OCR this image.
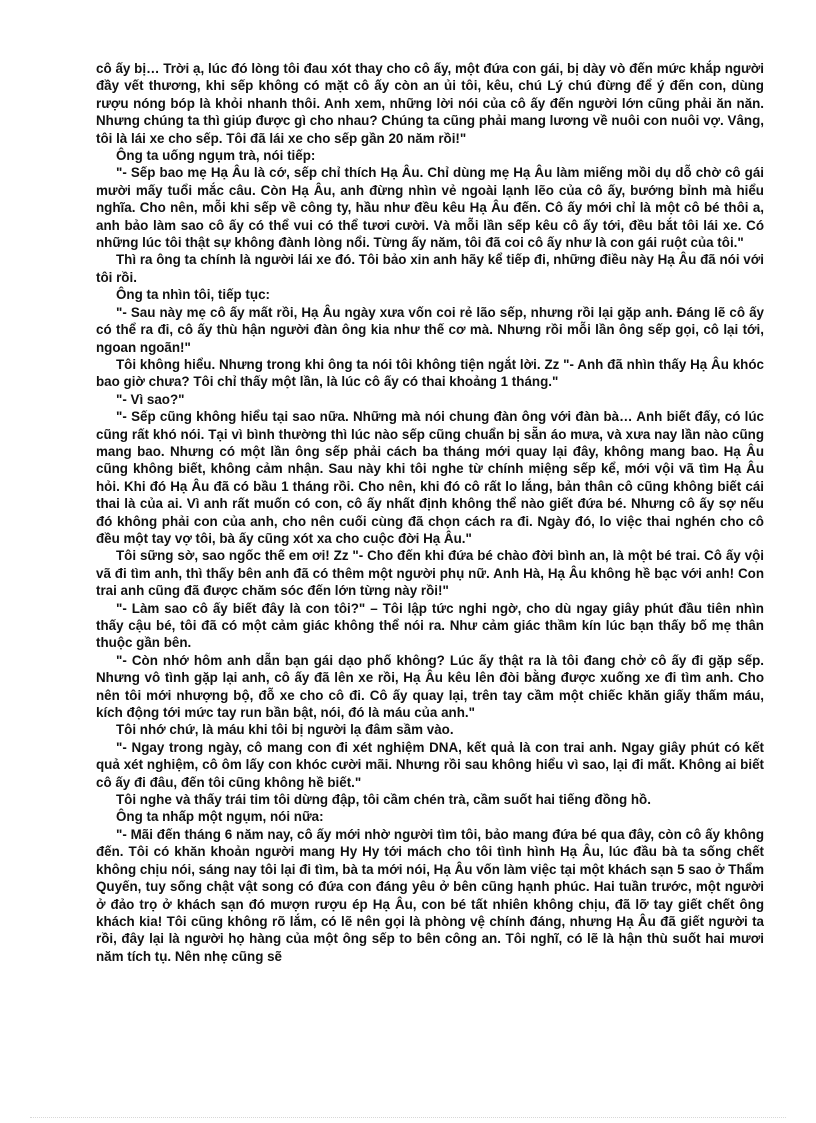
cô ấy bị… Trời ạ, lúc đó lòng tôi đau xót thay cho cô ấy, một đứa con gái, bị dày vò đến mức khắp người đầy vết thương, khi sếp không có mặt cô ấy còn an ủi tôi, kêu, chú Lý chú đừng để ý đến con, dùng rượu nóng bóp là khỏi nhanh thôi. Anh xem, những lời nói của cô ấy đến người lớn cũng phải ăn năn. Nhưng chúng ta thì giúp được gì cho nhau? Chúng ta cũng phải mang lương về nuôi con nuôi vợ. Vâng, tôi là lái xe cho sếp. Tôi đã lái xe cho sếp gần 20 năm rồi!"

Ông ta uống ngụm trà, nói tiếp:

"- Sếp bao mẹ Hạ Âu là cớ, sếp chỉ thích Hạ Âu. Chỉ dùng mẹ Hạ Âu làm miếng mồi dụ dỗ chờ cô gái mười mấy tuổi mắc câu. Còn Hạ Âu, anh đừng nhìn vẻ ngoài lạnh lẽo của cô ấy, bướng bỉnh mà hiểu nghĩa. Cho nên, mỗi khi sếp về công ty, hầu như đều kêu Hạ Âu đến. Cô ấy mới chỉ là một cô bé thôi a, anh bảo làm sao cô ấy có thể vui có thể tươi cười. Và mỗi lần sếp kêu cô ấy tới, đều bắt tôi lái xe. Có những lúc tôi thật sự không đành lòng nổi. Từng ấy năm, tôi đã coi cô ấy như là con gái ruột của tôi."

Thì ra ông ta chính là người lái xe đó. Tôi bảo xin anh hãy kể tiếp đi, những điều này Hạ Âu đã nói với tôi rồi.

Ông ta nhìn tôi, tiếp tục:

"- Sau này mẹ cô ấy mất rồi, Hạ Âu ngày xưa vốn coi rẻ lão sếp, nhưng rồi lại gặp anh. Đáng lẽ cô ấy có thể ra đi, cô ấy thù hận người đàn ông kia như thế cơ mà. Nhưng rồi mỗi lần ông sếp gọi, cô lại tới, ngoan ngoãn!"

Tôi không hiểu. Nhưng trong khi ông ta nói tôi không tiện ngắt lời. Zz "- Anh đã nhìn thấy Hạ Âu khóc bao giờ chưa? Tôi chỉ thấy một lần, là lúc cô ấy có thai khoảng 1 tháng."

"- Vì sao?"

"- Sếp cũng không hiểu tại sao nữa. Những mà nói chung đàn ông với đàn bà… Anh biết đấy, có lúc cũng rất khó nói. Tại vì bình thường thì lúc nào sếp cũng chuẩn bị sẵn áo mưa, và xưa nay lần nào cũng mang bao. Nhưng có một lần ông sếp phải cách ba tháng mới quay lại đây, không mang bao. Hạ Âu cũng không biết, không cảm nhận. Sau này khi tôi nghe từ chính miệng sếp kể, mới vội vã tìm Hạ Âu hỏi. Khi đó Hạ Âu đã có bầu 1 tháng rồi. Cho nên, khi đó cô rất lo lắng, bản thân cô cũng không biết cái thai là của ai. Vì anh rất muốn có con, cô ấy nhất định không thể nào giết đứa bé. Nhưng cô ấy sợ nếu đó không phải con của anh, cho nên cuối cùng đã chọn cách ra đi. Ngày đó, lo việc thai nghén cho cô đều một tay vợ tôi, bà ấy cũng xót xa cho cuộc đời Hạ Âu."

Tôi sững sờ, sao ngốc thế em ơi! Zz "- Cho đến khi đứa bé chào đời bình an, là một bé trai. Cô ấy vội vã đi tìm anh, thì thấy bên anh đã có thêm một người phụ nữ. Anh Hà, Hạ Âu không hề bạc với anh! Con trai anh cũng đã được chăm sóc đến lớn từng này rồi!"

"- Làm sao cô ấy biết đây là con tôi?" – Tôi lập tức nghi ngờ, cho dù ngay giây phút đầu tiên nhìn thấy cậu bé, tôi đã có một cảm giác không thể nói ra. Như cảm giác thầm kín lúc bạn thấy bố mẹ thân thuộc gần bên.

"- Còn nhớ hôm anh dẫn bạn gái dạo phố không? Lúc ấy thật ra là tôi đang chở cô ấy đi gặp sếp. Nhưng vô tình gặp lại anh, cô ấy đã lên xe rồi, Hạ Âu kêu lên đòi bằng được xuống xe đi tìm anh. Cho nên tôi mới nhượng bộ, đỗ xe cho cô đi. Cô ấy quay lại, trên tay cầm một chiếc khăn giấy thấm máu, kích động tới mức tay run bần bật, nói, đó là máu của anh."

Tôi nhớ chứ, là máu khi tôi bị người lạ đâm sầm vào.

"- Ngay trong ngày, cô mang con đi xét nghiệm DNA, kết quả là con trai anh. Ngay giây phút có kết quả xét nghiệm, cô ôm lấy con khóc cười mãi. Nhưng rồi sau không hiểu vì sao, lại đi mất. Không ai biết cô ấy đi đâu, đến tôi cũng không hề biết."

Tôi nghe và thấy trái tim tôi dừng đập, tôi cầm chén trà, cầm suốt hai tiếng đồng hồ.

Ông ta nhấp một ngụm, nói nữa:

"- Mãi đến tháng 6 năm nay, cô ấy mới nhờ người tìm tôi, bảo mang đứa bé qua đây, còn cô ấy không đến. Tôi có khăn khoản người mang Hy Hy tới mách cho tôi tình hình Hạ Âu, lúc đầu bà ta sống chết không chịu nói, sáng nay tôi lại đi tìm, bà ta mới nói, Hạ Âu vốn làm việc tại một khách sạn 5 sao ở Thẩm Quyến, tuy sống chật vật song có đứa con đáng yêu ở bên cũng hạnh phúc. Hai tuần trước, một người ở đảo trọ ở khách sạn đó mượn rượu ép Hạ Âu, con bé tất nhiên không chịu, đã lỡ tay giết chết ông khách kia! Tôi cũng không rõ lắm, có lẽ nên gọi là phòng vệ chính đáng, nhưng Hạ Âu đã giết người ta rồi, đây lại là người họ hàng của một ông sếp to bên công an. Tôi nghĩ, có lẽ là hận thù suốt hai mươi năm tích tụ. Nên nhẹ cũng sẽ
